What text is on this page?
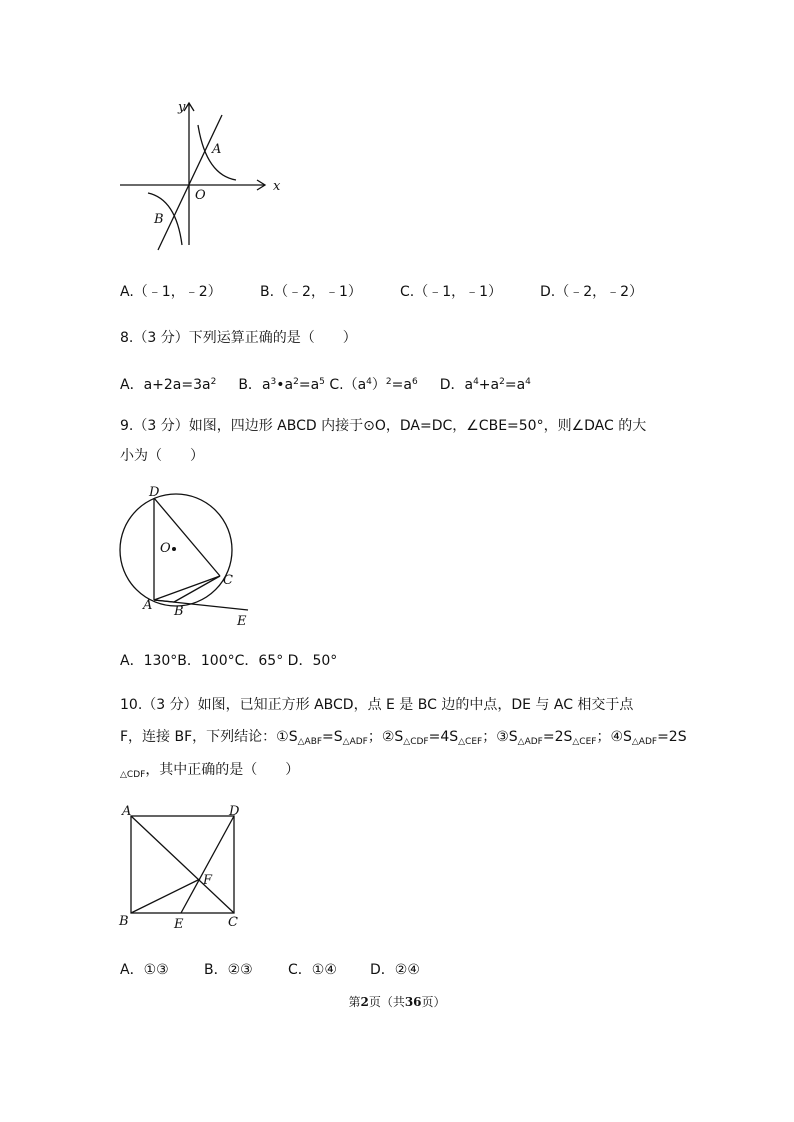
y
x
O
A
B
A.（﹣1，﹣2）	B.（﹣2，﹣1）	C.（﹣1，﹣1）	D.（﹣2，﹣2）
8.（3 分）下列运算正确的是（　　）
A．$a+2a=3a^2$ B．$a^3•a^2=a^5$ $C.(a^4)^2=a^6$ D．$a^4+a^2=a^4$
9.（3 分）如图，四边形 ABCD 内接于⊙O，DA=DC，∠CBE=50°，则∠DAC 的大
小为（　　）
D
O
C
A B
E
A．130°B．100°C．65° D．50°
10.（3 分）如图，已知正方形 ABCD，点 E 是 BC 边的中点，DE 与 AC 相交于点
F，连接 BF，下列结论：$①S_{\triangle ABF}=S_{\triangle ADF}$；$②S_{\triangle CDF}=4S_{\triangle CEF}$；$③S_{\triangle ADF}=2S_{\triangle CEF}$；$④S_{\triangle ADF}=2S$
$_{\triangle CDF}$，其中正确的是（　　）
A	D
F
B	E	C
A．①③	B．②③	C．①④ D．②④
第2页（共36页）
